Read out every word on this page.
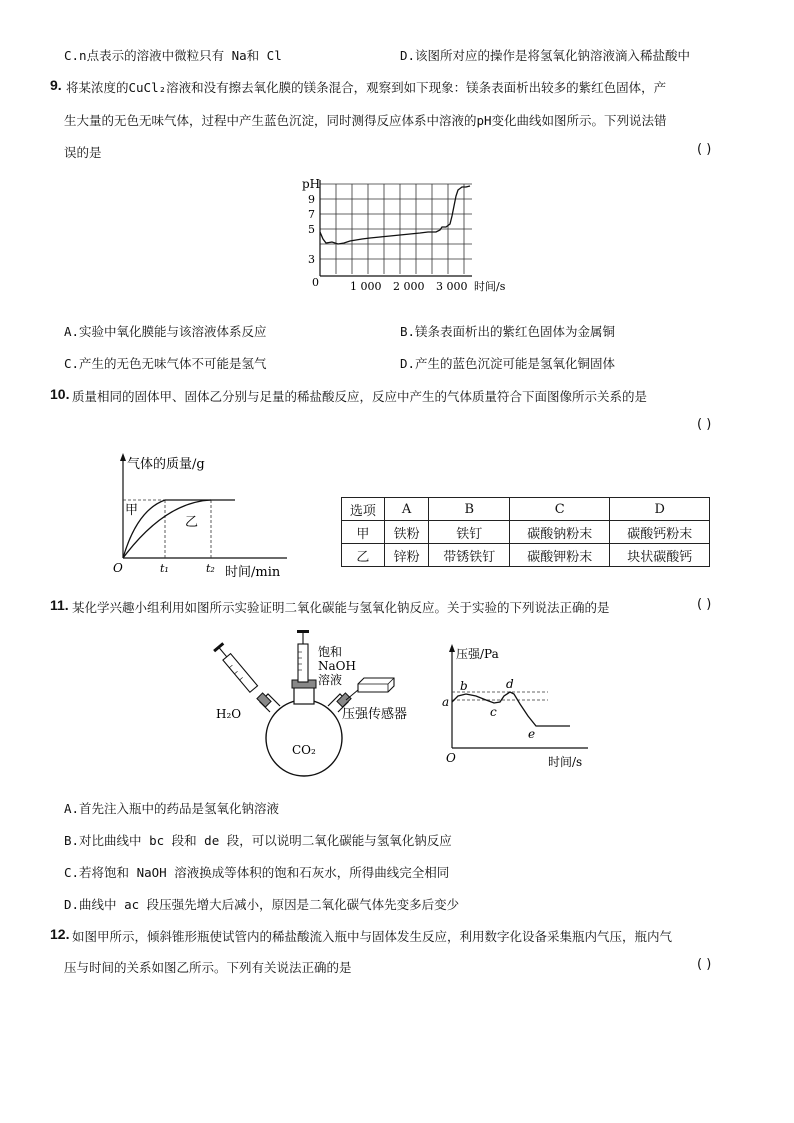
C.n点表示的溶液中微粒只有 Na和 Cl	D.该图所对应的操作是将氢氧化钠溶液滴入稀盐酸中
9. 将某浓度的CuCl₂溶液和没有擦去氧化膜的镁条混合，观察到如下现象：镁条表面析出较多的紫红色固体，产
生大量的无色无味气体，过程中产生蓝色沉淀，同时测得反应体系中溶液的pH变化曲线如图所示。下列说法错
误的是	( )
pH
9
7
5
3
0	1 000 2 000 3 000 时间/s
A.实验中氧化膜能与该溶液体系反应	B.镁条表面析出的紫红色固体为金属铜
C.产生的无色无味气体不可能是氢气	D.产生的蓝色沉淀可能是氢氧化铜固体
10. 质量相同的固体甲、固体乙分别与足量的稀盐酸反应，反应中产生的气体质量符合下面图像所示关系的是
( )
气体的质量/g
甲
乙
O	t₁	t₂ 时间/min
选项	A	B	C	D
甲	铁粉	铁钉	碳酸钠粉末	碳酸钙粉末
乙	锌粉	带锈铁钉	碳酸钾粉末	块状碳酸钙
11. 某化学兴趣小组利用如图所示实验证明二氧化碳能与氢氧化钠反应。关于实验的下列说法正确的是	( )
饱和
NaOH
溶液
H₂O
CO₂
压强传感器
压强/Pa
a
b
c
d
e
O	时间/s
A.首先注入瓶中的药品是氢氧化钠溶液
B.对比曲线中 bc 段和 de 段，可以说明二氧化碳能与氢氧化钠反应
C.若将饱和 NaOH 溶液换成等体积的饱和石灰水，所得曲线完全相同
D.曲线中 ac 段压强先增大后减小，原因是二氧化碳气体先变多后变少
12. 如图甲所示，倾斜锥形瓶使试管内的稀盐酸流入瓶中与固体发生反应，利用数字化设备采集瓶内气压，瓶内气
压与时间的关系如图乙所示。下列有关说法正确的是	( )
